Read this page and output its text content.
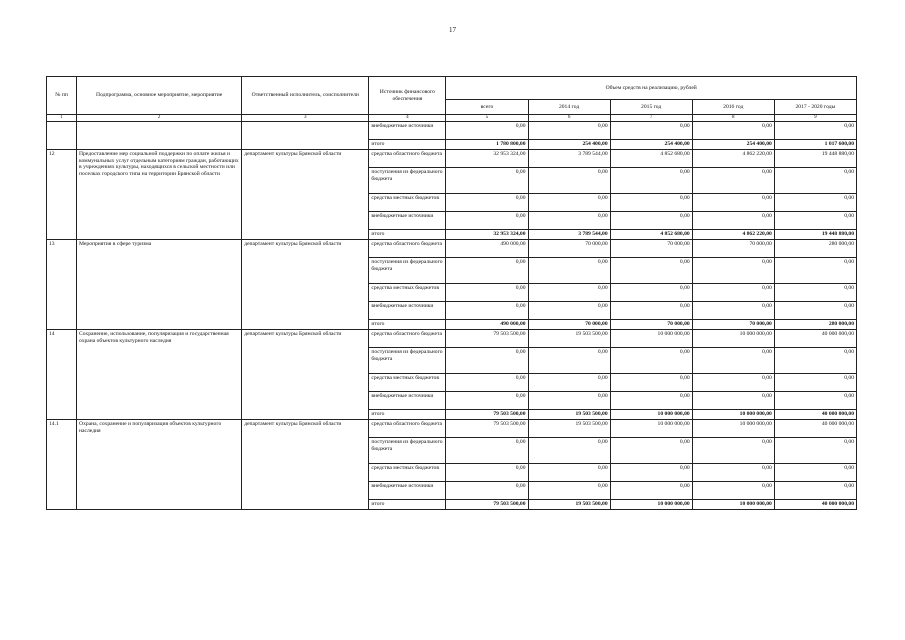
17
№ пп	Подпрограмма, основное мероприятие, мероприятие	Ответственный исполнитель, соисполнители	Источник финансового обеспечения	Объем средств на реализацию, рублей				
				всего	2014 год	2015 год	2016 год	2017 - 2020 годы
1	2	3	4	5	6	7	8	9
			внебюджетные источники	0,00	0,00	0,00	0,00	0,00
			итого	1 780 800,00	254 400,00	254 400,00	254 400,00	1 017 600,00
12	Предоставление мер социальной поддержки по оплате жилья и коммунальных услуг отдельным категориям граждан, работающих в учреждениях культуры, находящихся в сельской местности или поселках городского типа на территории Брянской области	департамент культуры Брянской области	средства областного бюджета	32 953 324,00	3 789 544,00	4 852 680,00	4 862 220,00	19 448 880,00
			поступления из федерального бюджета	0,00	0,00	0,00	0,00	0,00
			средства местных бюджетов	0,00	0,00	0,00	0,00	0,00
			внебюджетные источники	0,00	0,00	0,00	0,00	0,00
			итого	32 953 324,00	3 789 544,00	4 852 680,00	4 862 220,00	19 448 880,00
13	Мероприятия в сфере туризма	департамент культуры Брянской области	средства областного бюджета	490 000,00	70 000,00	70 000,00	70 000,00	280 000,00
			поступления из федерального бюджета	0,00	0,00	0,00	0,00	0,00
			средства местных бюджетов	0,00	0,00	0,00	0,00	0,00
			внебюджетные источники	0,00	0,00	0,00	0,00	0,00
			итого	490 000,00	70 000,00	70 000,00	70 000,00	280 000,00
14	Сохранение, использование, популяризация и государственная охрана объектов культурного наследия	департамент культуры Брянской области	средства областного бюджета	79 503 500,00	19 503 500,00	10 000 000,00	10 000 000,00	40 000 000,00
			поступления из федерального бюджета	0,00	0,00	0,00	0,00	0,00
			средства местных бюджетов	0,00	0,00	0,00	0,00	0,00
			внебюджетные источники	0,00	0,00	0,00	0,00	0,00
			итого	79 503 500,00	19 503 500,00	10 000 000,00	10 000 000,00	40 000 000,00
14.1	Охрана, сохранение и популяризация объектов культурного наследия	департамент культуры Брянской области	средства областного бюджета	79 503 500,00	19 503 500,00	10 000 000,00	10 000 000,00	40 000 000,00
			поступления из федерального бюджета	0,00	0,00	0,00	0,00	0,00
			средства местных бюджетов	0,00	0,00	0,00	0,00	0,00
			внебюджетные источники	0,00	0,00	0,00	0,00	0,00
			итого	79 503 500,00	19 503 500,00	10 000 000,00	10 000 000,00	40 000 000,00
